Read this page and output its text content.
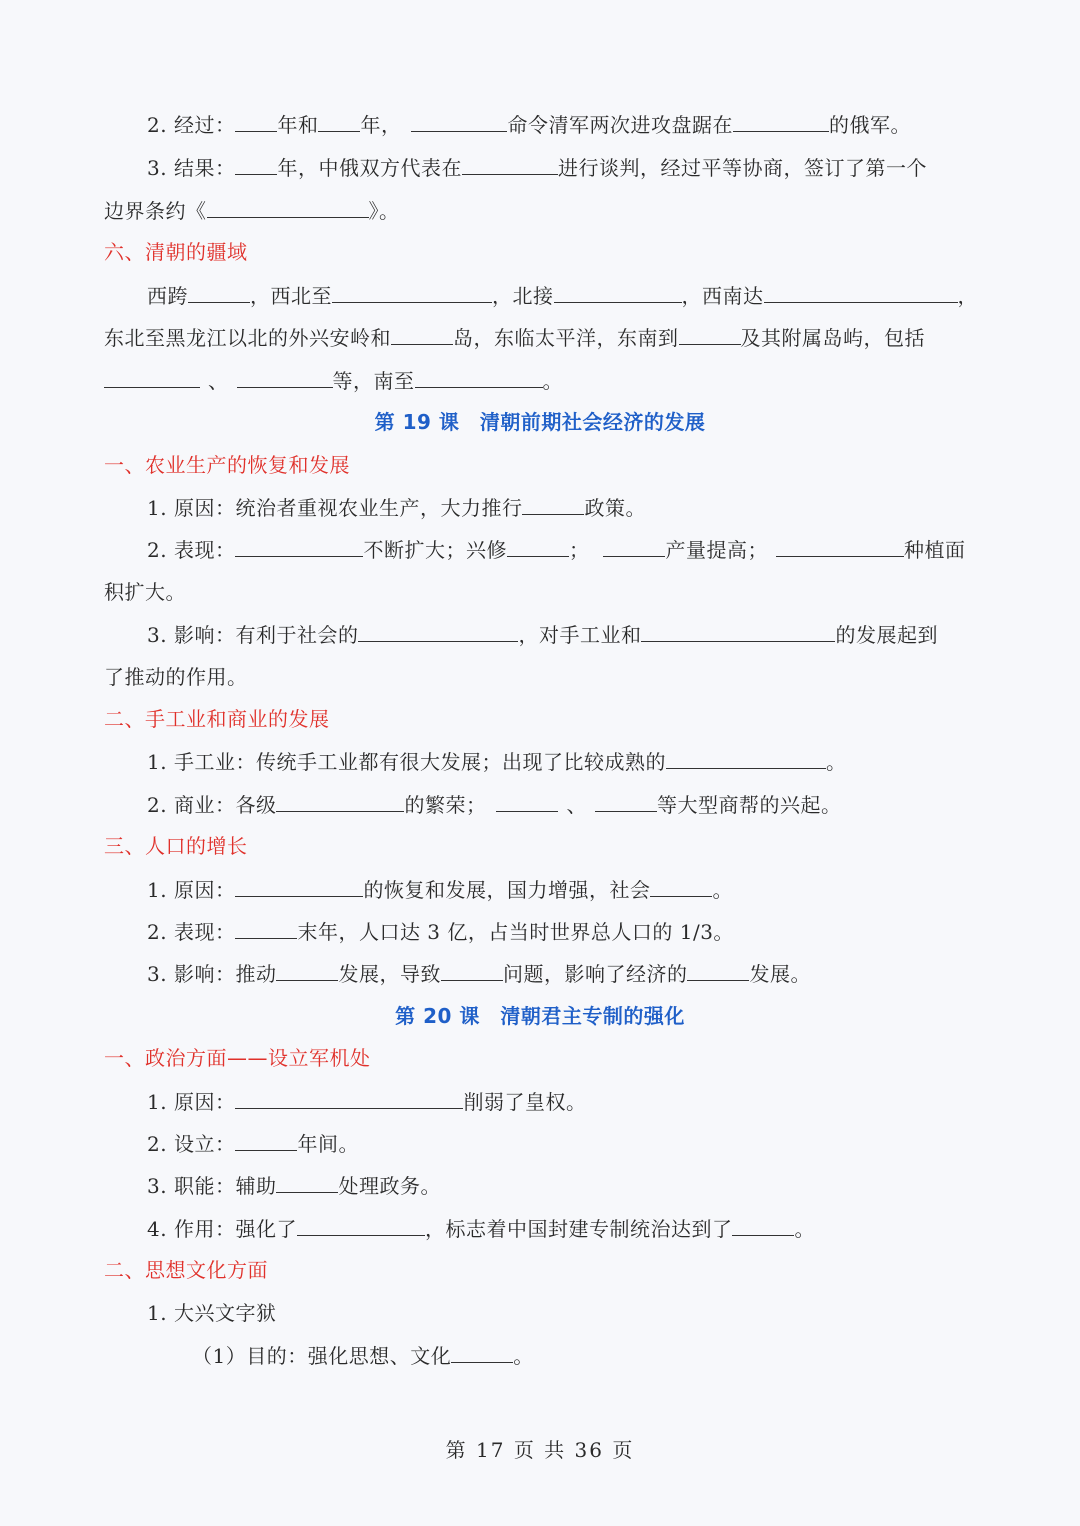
2. 经过： 年和 年，	命令清军两次进攻盘踞在	的俄军。
3. 结果： 年，中俄双方代表在	进行谈判，经过平等协商，签订了第一个
边界条约《	》。
六、清朝的疆域
西跨	，西北至	，北接	，西南达	，
东北至黑龙江以北的外兴安岭和	岛，东临太平洋，东南到	及其附属岛屿，包括
、	等，南至	。
第 19 课　清朝前期社会经济的发展
一、农业生产的恢复和发展
1. 原因：统治者重视农业生产，大力推行	政策。
2. 表现：	不断扩大；兴修	；	产量提高；	种植面
积扩大。
3. 影响：有利于社会的	，对手工业和	的发展起到
了推动的作用。
二、手工业和商业的发展
1. 手工业：传统手工业都有很大发展；出现了比较成熟的	。
2. 商业：各级	的繁荣；	、	等大型商帮的兴起。
三、人口的增长
1. 原因：	的恢复和发展，国力增强，社会	。
2. 表现：	末年，人口达 3 亿，占当时世界总人口的 1/3。
3. 影响：推动	发展，导致	问题，影响了经济的	发展。
第 20 课　清朝君主专制的强化
一、政治方面——设立军机处
1. 原因：	削弱了皇权。
2. 设立：	年间。
3. 职能：辅助	处理政务。
4. 作用：强化了	，标志着中国封建专制统治达到了	。
二、思想文化方面
1. 大兴文字狱
（1）目的：强化思想、文化	。
第 17 页 共 36 页
